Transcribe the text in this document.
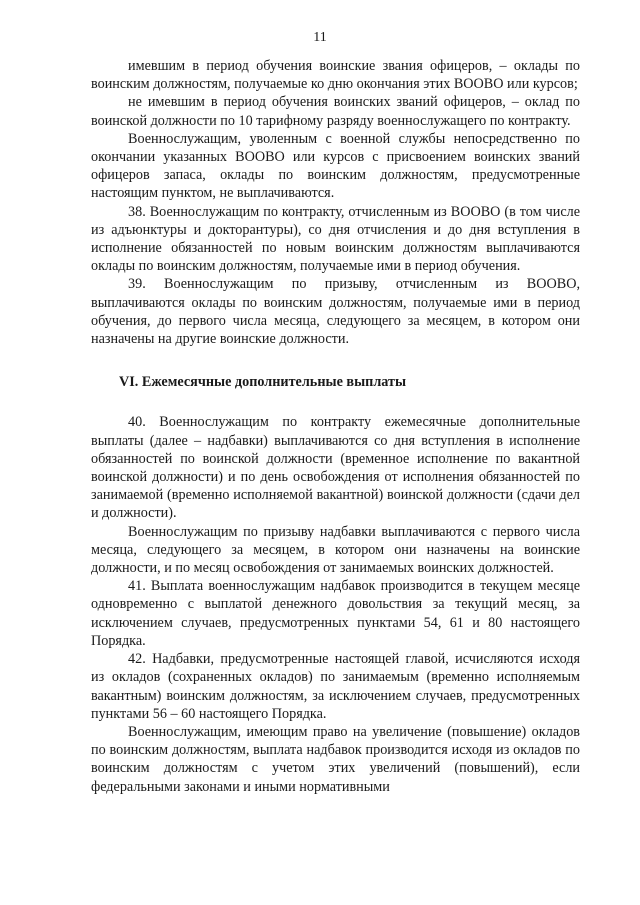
11

имевшим в период обучения воинские звания офицеров, – оклады по воинским должностям, получаемые ко дню окончания этих ВООВО или курсов;

не имевшим в период обучения воинских званий офицеров, – оклад по воинской должности по 10 тарифному разряду военнослужащего по контракту.

Военнослужащим, уволенным с военной службы непосредственно по окончании указанных ВООВО или курсов с присвоением воинских званий офицеров запаса, оклады по воинским должностям, предусмотренные настоящим пунктом, не выплачиваются.

38. Военнослужащим по контракту, отчисленным из ВООВО (в том числе из адъюнктуры и докторантуры), со дня отчисления и до дня вступления в исполнение обязанностей по новым воинским должностям выплачиваются оклады по воинским должностям, получаемые ими в период обучения.

39. Военнослужащим по призыву, отчисленным из ВООВО, выплачиваются оклады по воинским должностям, получаемые ими в период обучения, до первого числа месяца, следующего за месяцем, в котором они назначены на другие воинские должности.

VI. Ежемесячные дополнительные выплаты

40. Военнослужащим по контракту ежемесячные дополнительные выплаты (далее – надбавки) выплачиваются со дня вступления в исполнение обязанностей по воинской должности (временное исполнение по вакантной воинской должности) и по день освобождения от исполнения обязанностей по занимаемой (временно исполняемой вакантной) воинской должности (сдачи дел и должности).

Военнослужащим по призыву надбавки выплачиваются с первого числа месяца, следующего за месяцем, в котором они назначены на воинские должности, и по месяц освобождения от занимаемых воинских должностей.

41. Выплата военнослужащим надбавок производится в текущем месяце одновременно с выплатой денежного довольствия за текущий месяц, за исключением случаев, предусмотренных пунктами 54, 61 и 80 настоящего Порядка.

42. Надбавки, предусмотренные настоящей главой, исчисляются исходя из окладов (сохраненных окладов) по занимаемым (временно исполняемым вакантным) воинским должностям, за исключением случаев, предусмотренных пунктами 56 – 60 настоящего Порядка.

Военнослужащим, имеющим право на увеличение (повышение) окладов по воинским должностям, выплата надбавок производится исходя из окладов по воинским должностям с учетом этих увеличений (повышений), если федеральными законами и иными нормативными
